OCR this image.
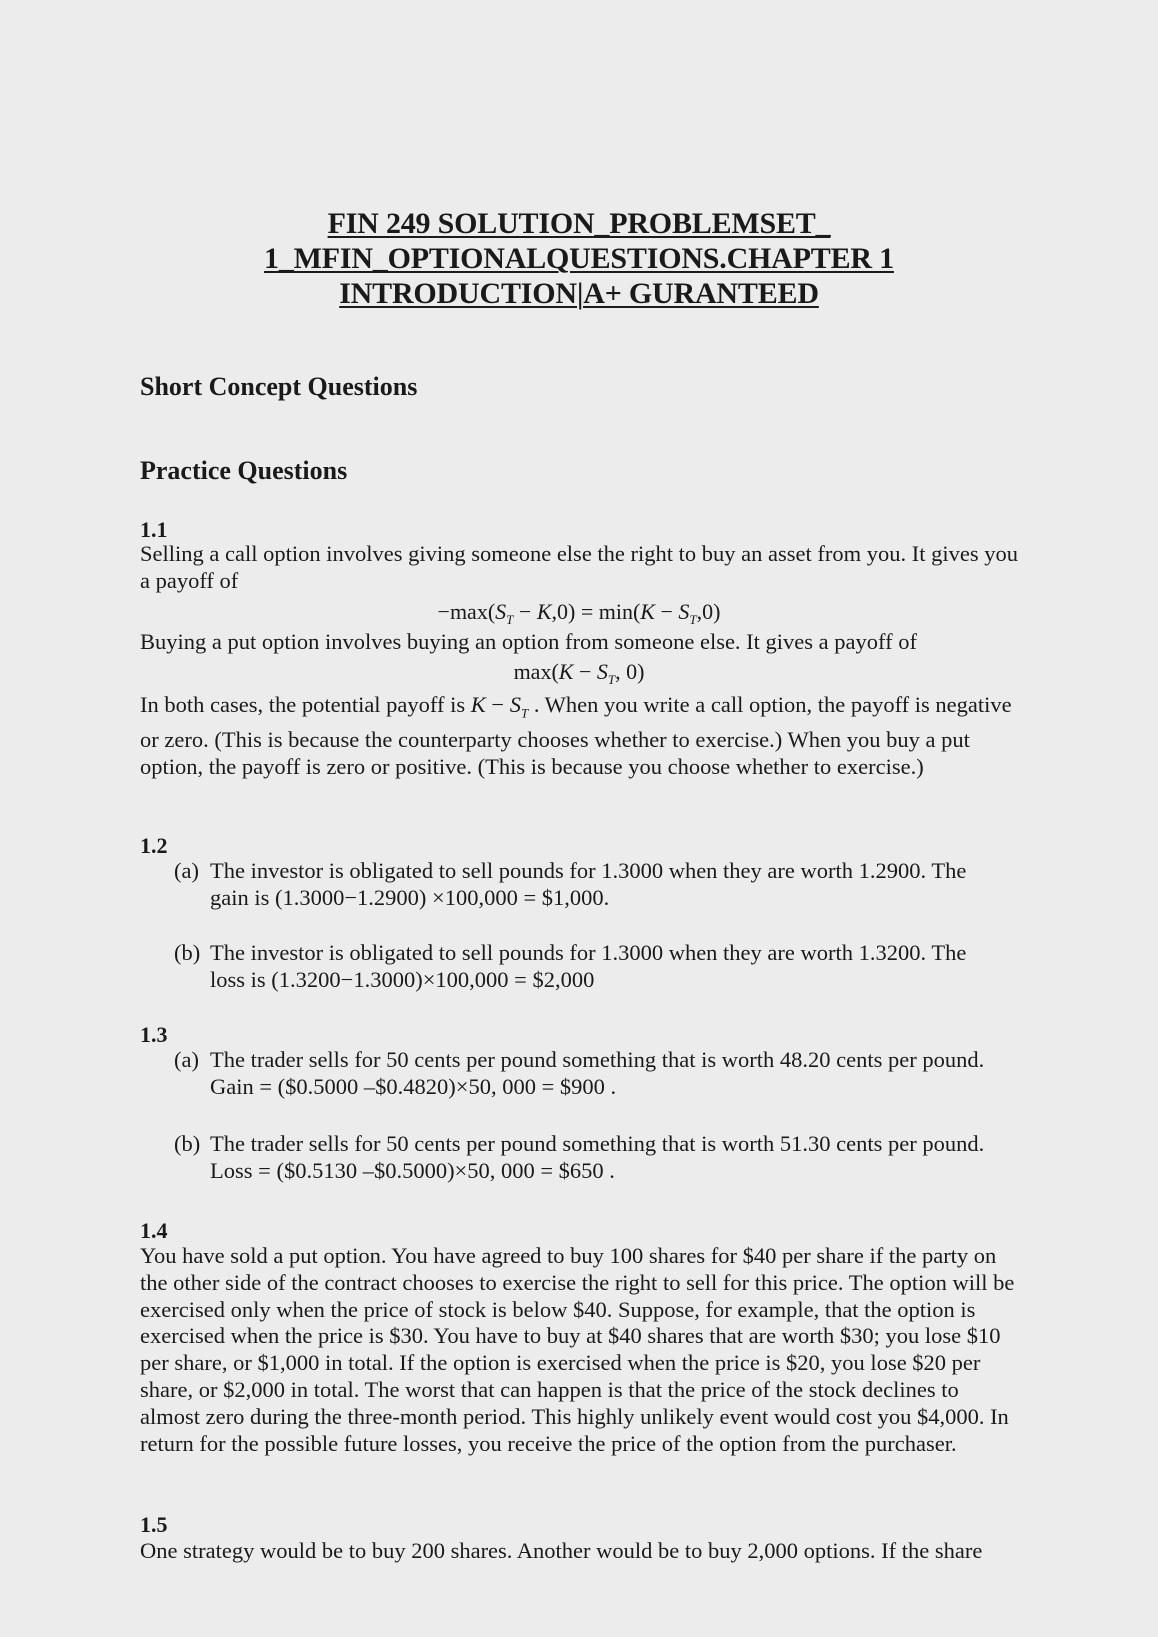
FIN 249 SOLUTION_PROBLEMSET_
1_MFIN_OPTIONALQUESTIONS.CHAPTER 1
INTRODUCTION|A+ GURANTEED
Short Concept Questions
Practice Questions
1.1
Selling a call option involves giving someone else the right to buy an asset from you. It gives you a payoff of
$-\max(S_T - K,0) = \min(K - S_T,0)$
Buying a put option involves buying an option from someone else. It gives a payoff of
$\max(K - S_T$, 0)
In both cases, the potential payoff is $K - S_T$ . When you write a call option, the payoff is negative or zero. (This is because the counterparty chooses whether to exercise.) When you buy a put option, the payoff is zero or positive. (This is because you choose whether to exercise.)
1.2
(a) The investor is obligated to sell pounds for 1.3000 when they are worth 1.2900. The
gain is (1.3000−1.2900) ×100,000 = $1,000.
(b) The investor is obligated to sell pounds for 1.3000 when they are worth 1.3200. The
loss is (1.3200−1.3000)×100,000 = $2,000
1.3
(a) The trader sells for 50 cents per pound something that is worth 48.20 cents per pound.
Gain = ($0.5000 –$0.4820)×50, 000 = $900 .
(b) The trader sells for 50 cents per pound something that is worth 51.30 cents per pound.
Loss = ($0.5130 –$0.5000)×50, 000 = $650 .
1.4
You have sold a put option. You have agreed to buy 100 shares for $40 per share if the party on the other side of the contract chooses to exercise the right to sell for this price. The option will be exercised only when the price of stock is below $40. Suppose, for example, that the option is exercised when the price is $30. You have to buy at $40 shares that are worth $30; you lose $10 per share, or $1,000 in total. If the option is exercised when the price is $20, you lose $20 per share, or $2,000 in total. The worst that can happen is that the price of the stock declines to almost zero during the three-month period. This highly unlikely event would cost you $4,000. In return for the possible future losses, you receive the price of the option from the purchaser.
1.5
One strategy would be to buy 200 shares. Another would be to buy 2,000 options. If the share
